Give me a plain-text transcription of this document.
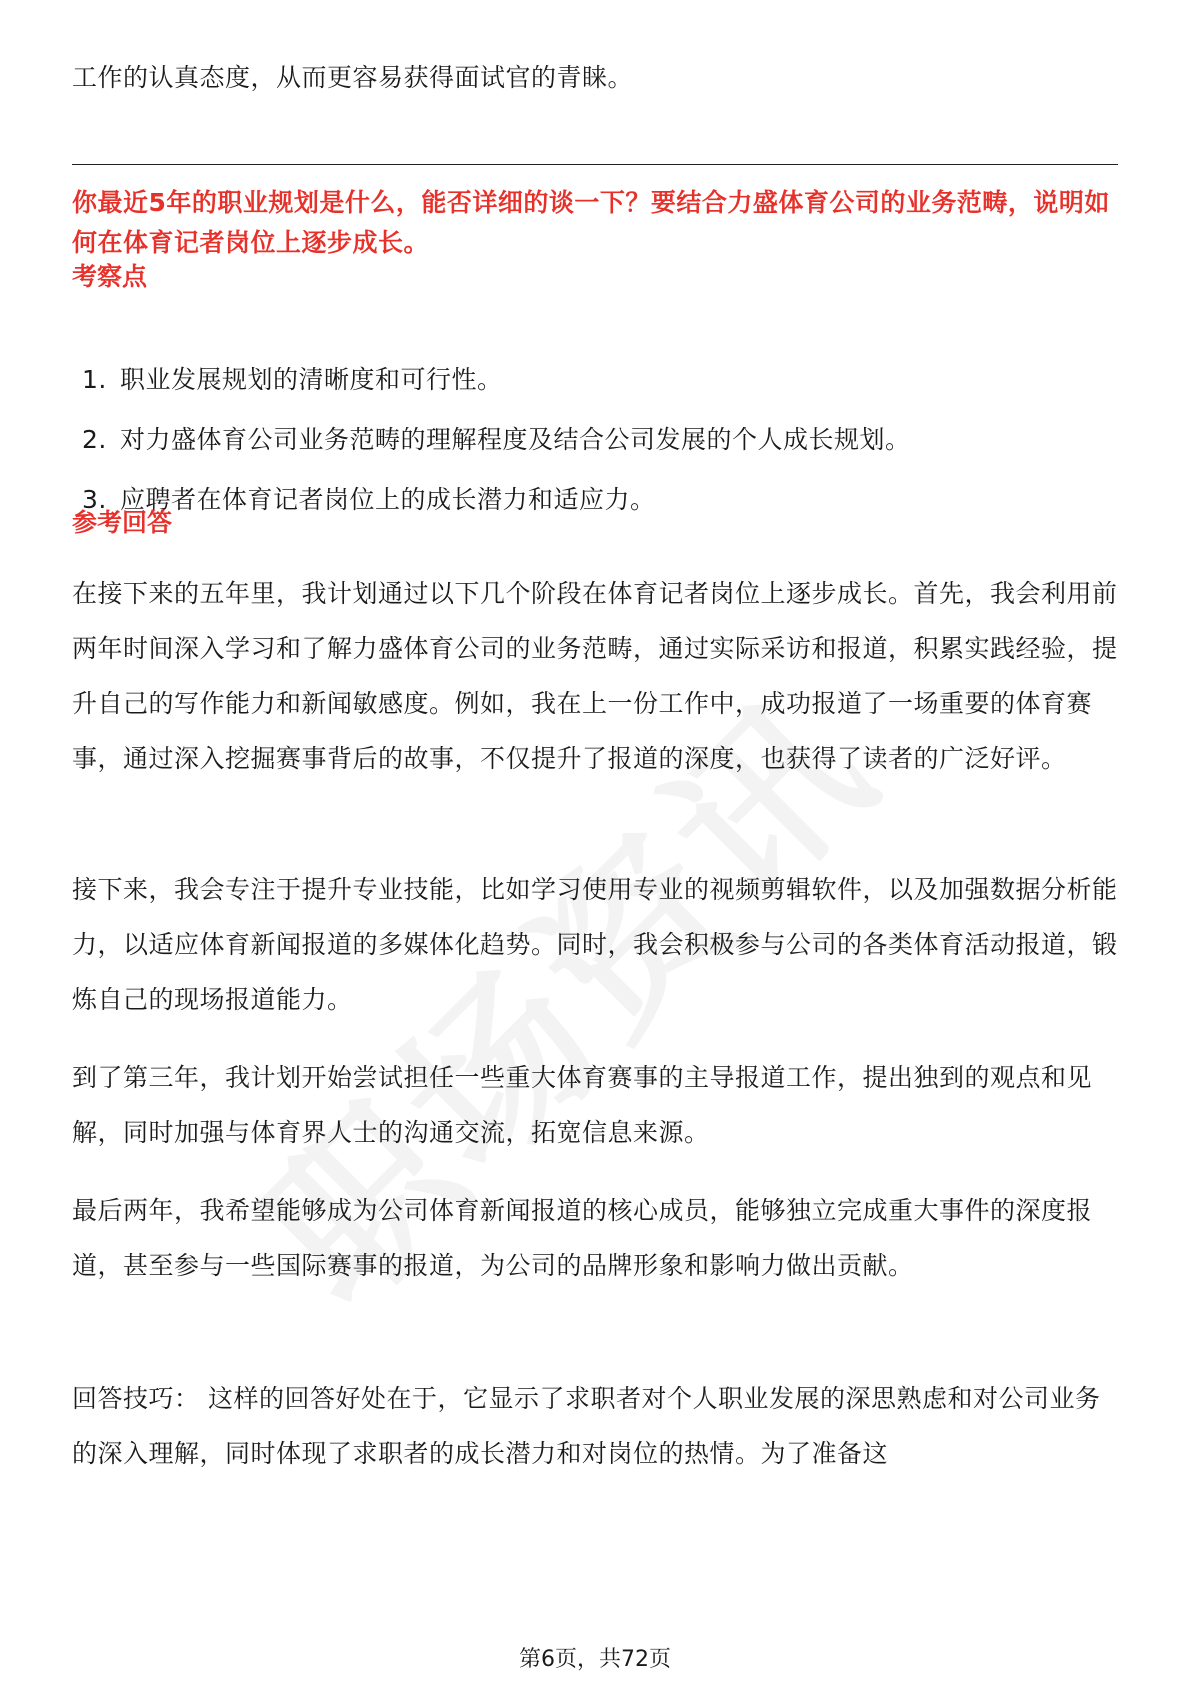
工作的认真态度，从而更容易获得面试官的青睐。
你最近5年的职业规划是什么，能否详细的谈一下？要结合力盛体育公司的业务范畴，说明如何在体育记者岗位上逐步成长。
考察点
1. 职业发展规划的清晰度和可行性。
2. 对力盛体育公司业务范畴的理解程度及结合公司发展的个人成长规划。
3. 应聘者在体育记者岗位上的成长潜力和适应力。
参考回答
在接下来的五年里，我计划通过以下几个阶段在体育记者岗位上逐步成长。首先，我会利用前两年时间深入学习和了解力盛体育公司的业务范畴，通过实际采访和报道，积累实践经验，提升自己的写作能力和新闻敏感度。例如，我在上一份工作中，成功报道了一场重要的体育赛事，通过深入挖掘赛事背后的故事，不仅提升了报道的深度，也获得了读者的广泛好评。
接下来，我会专注于提升专业技能，比如学习使用专业的视频剪辑软件，以及加强数据分析能力，以适应体育新闻报道的多媒体化趋势。同时，我会积极参与公司的各类体育活动报道，锻炼自己的现场报道能力。
到了第三年，我计划开始尝试担任一些重大体育赛事的主导报道工作，提出独到的观点和见解，同时加强与体育界人士的沟通交流，拓宽信息来源。
最后两年，我希望能够成为公司体育新闻报道的核心成员，能够独立完成重大事件的深度报道，甚至参与一些国际赛事的报道，为公司的品牌形象和影响力做出贡献。
回答技巧： 这样的回答好处在于，它显示了求职者对个人职业发展的深思熟虑和对公司业务的深入理解，同时体现了求职者的成长潜力和对岗位的热情。为了准备这
第6页，共72页
